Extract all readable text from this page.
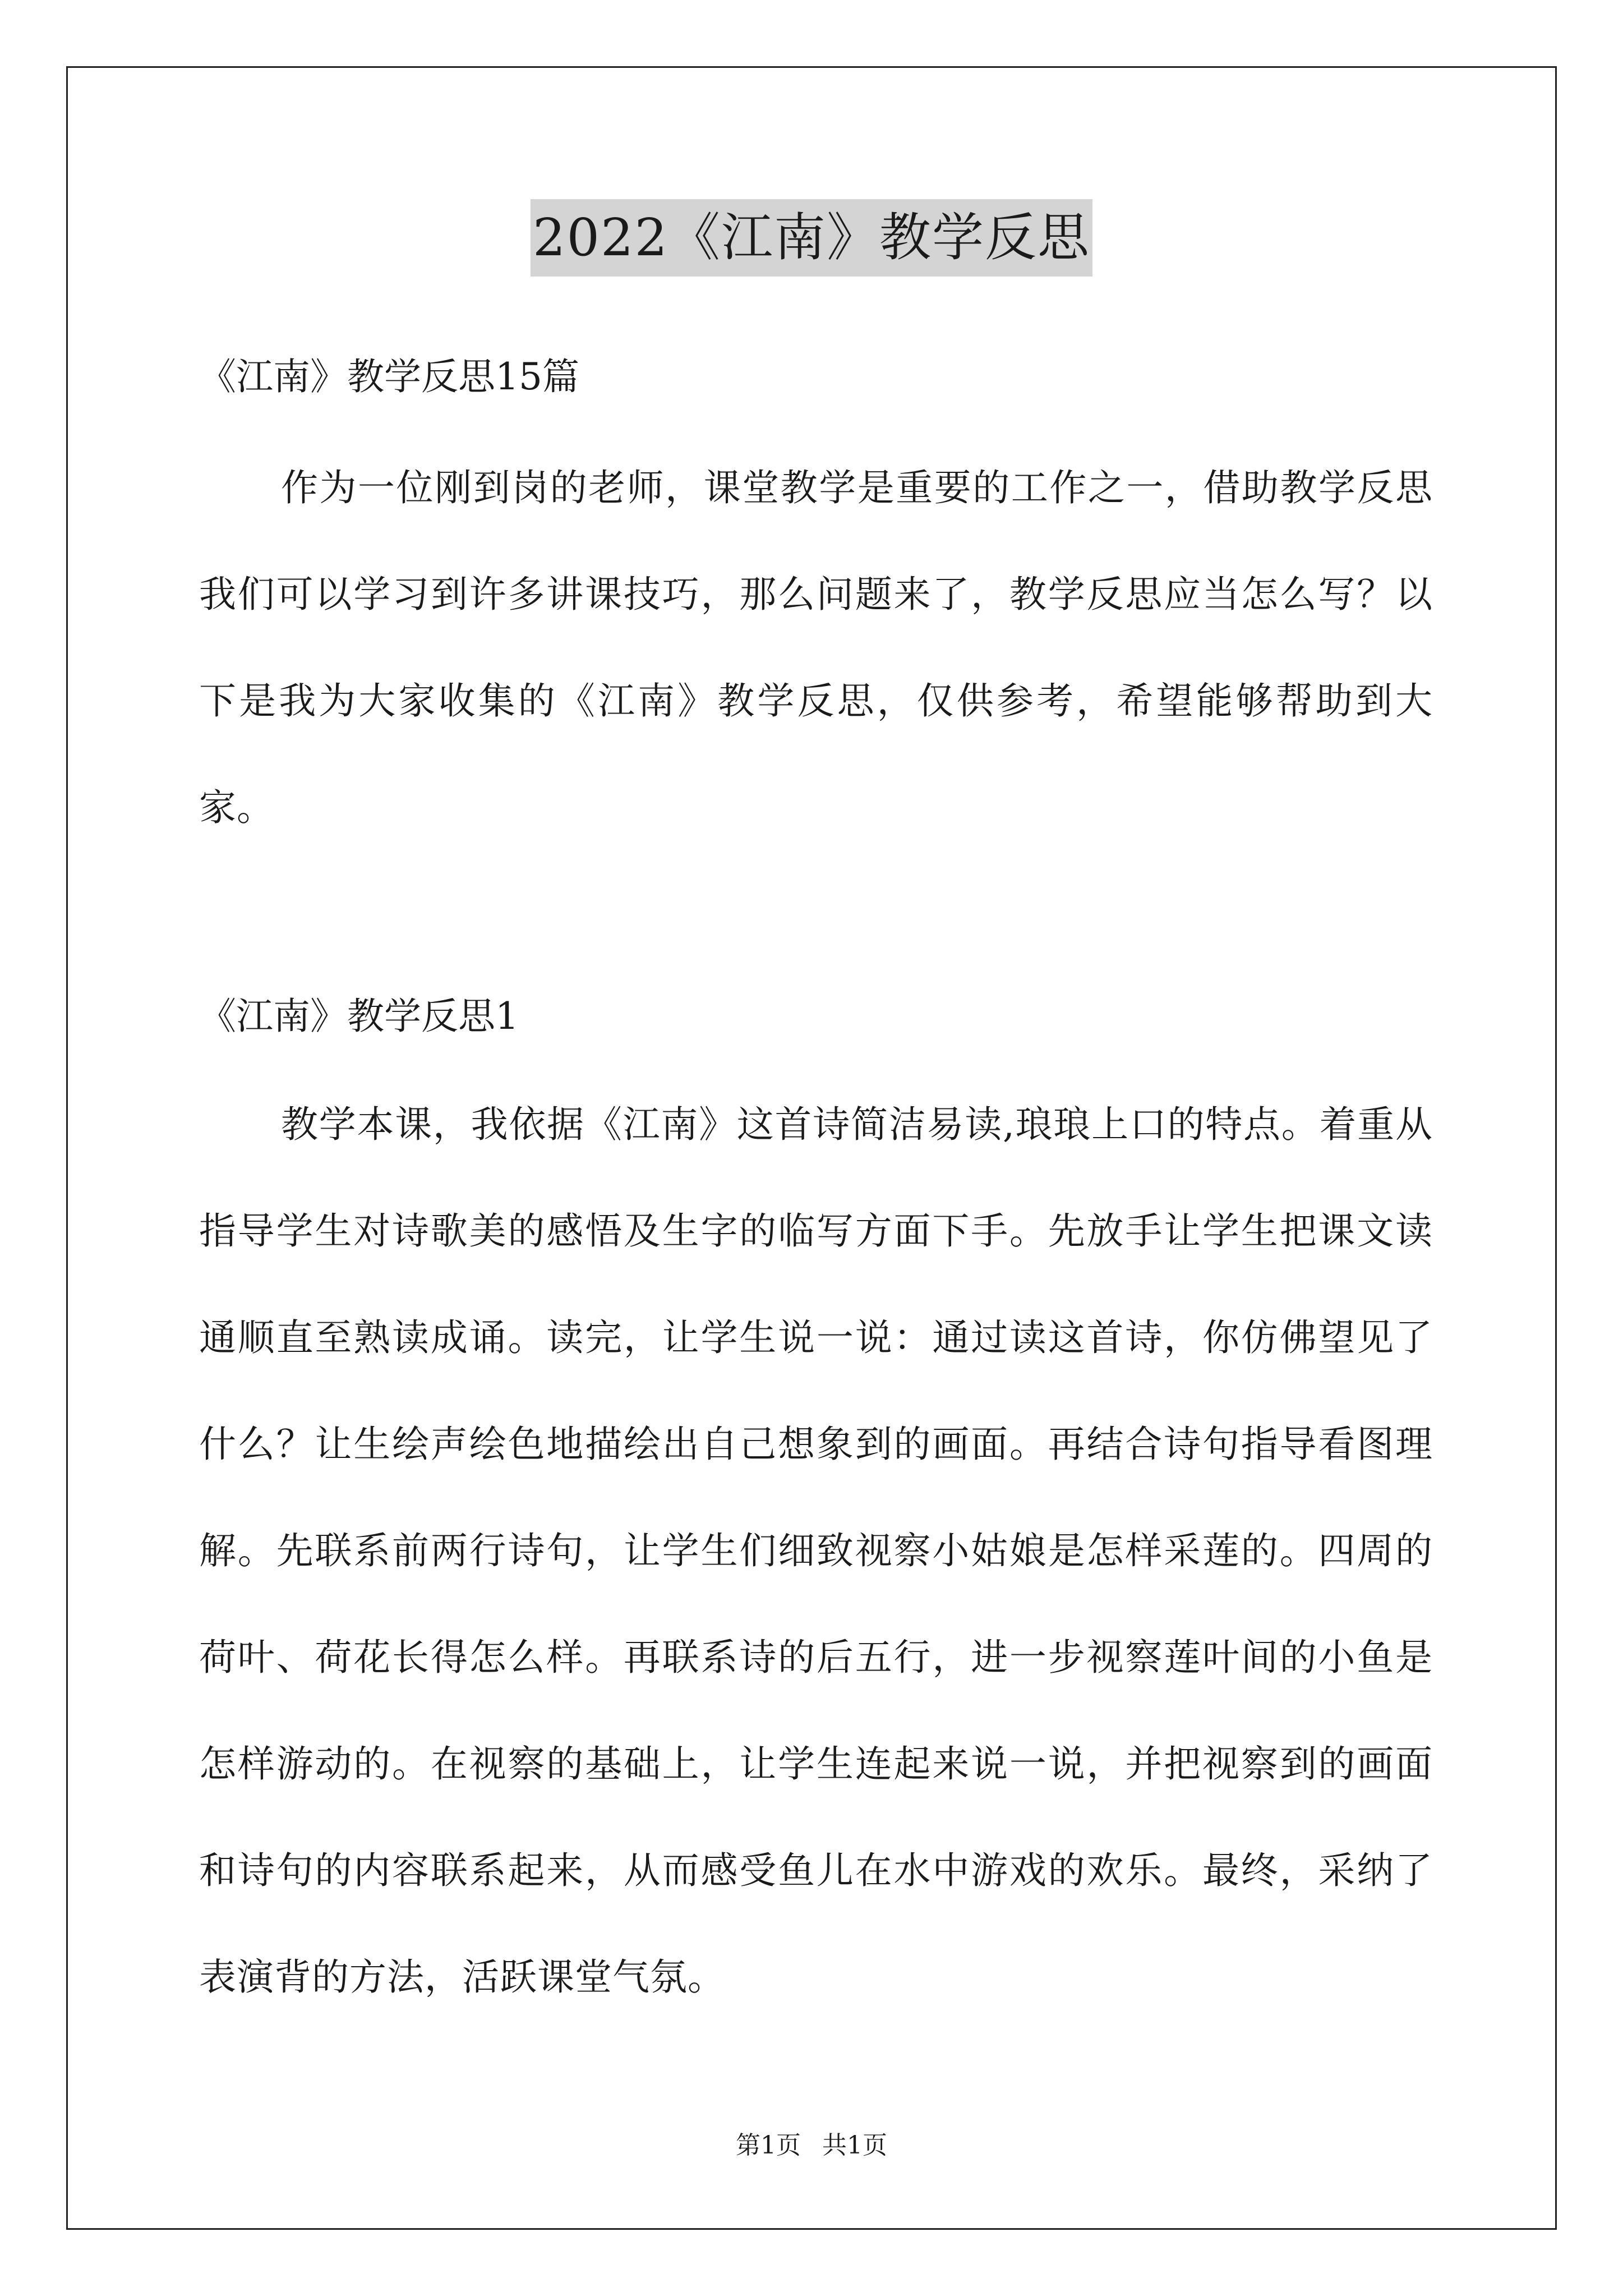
2022《江南》教学反思

《江南》教学反思15篇

作为一位刚到岗的老师，课堂教学是重要的工作之一，借助教学反思我们可以学习到许多讲课技巧，那么问题来了，教学反思应当怎么写？以下是我为大家收集的《江南》教学反思，仅供参考，希望能够帮助到大家。

《江南》教学反思1

教学本课，我依据《江南》这首诗简洁易读,琅琅上口的特点。着重从指导学生对诗歌美的感悟及生字的临写方面下手。先放手让学生把课文读通顺直至熟读成诵。读完，让学生说一说：通过读这首诗，你仿佛望见了什么？让生绘声绘色地描绘出自己想象到的画面。再结合诗句指导看图理解。先联系前两行诗句，让学生们细致视察小姑娘是怎样采莲的。四周的荷叶、荷花长得怎么样。再联系诗的后五行，进一步视察莲叶间的小鱼是怎样游动的。在视察的基础上，让学生连起来说一说，并把视察到的画面和诗句的内容联系起来，从而感受鱼儿在水中游戏的欢乐。最终，采纳了表演背的方法，活跃课堂气氛。

第1页 共1页
